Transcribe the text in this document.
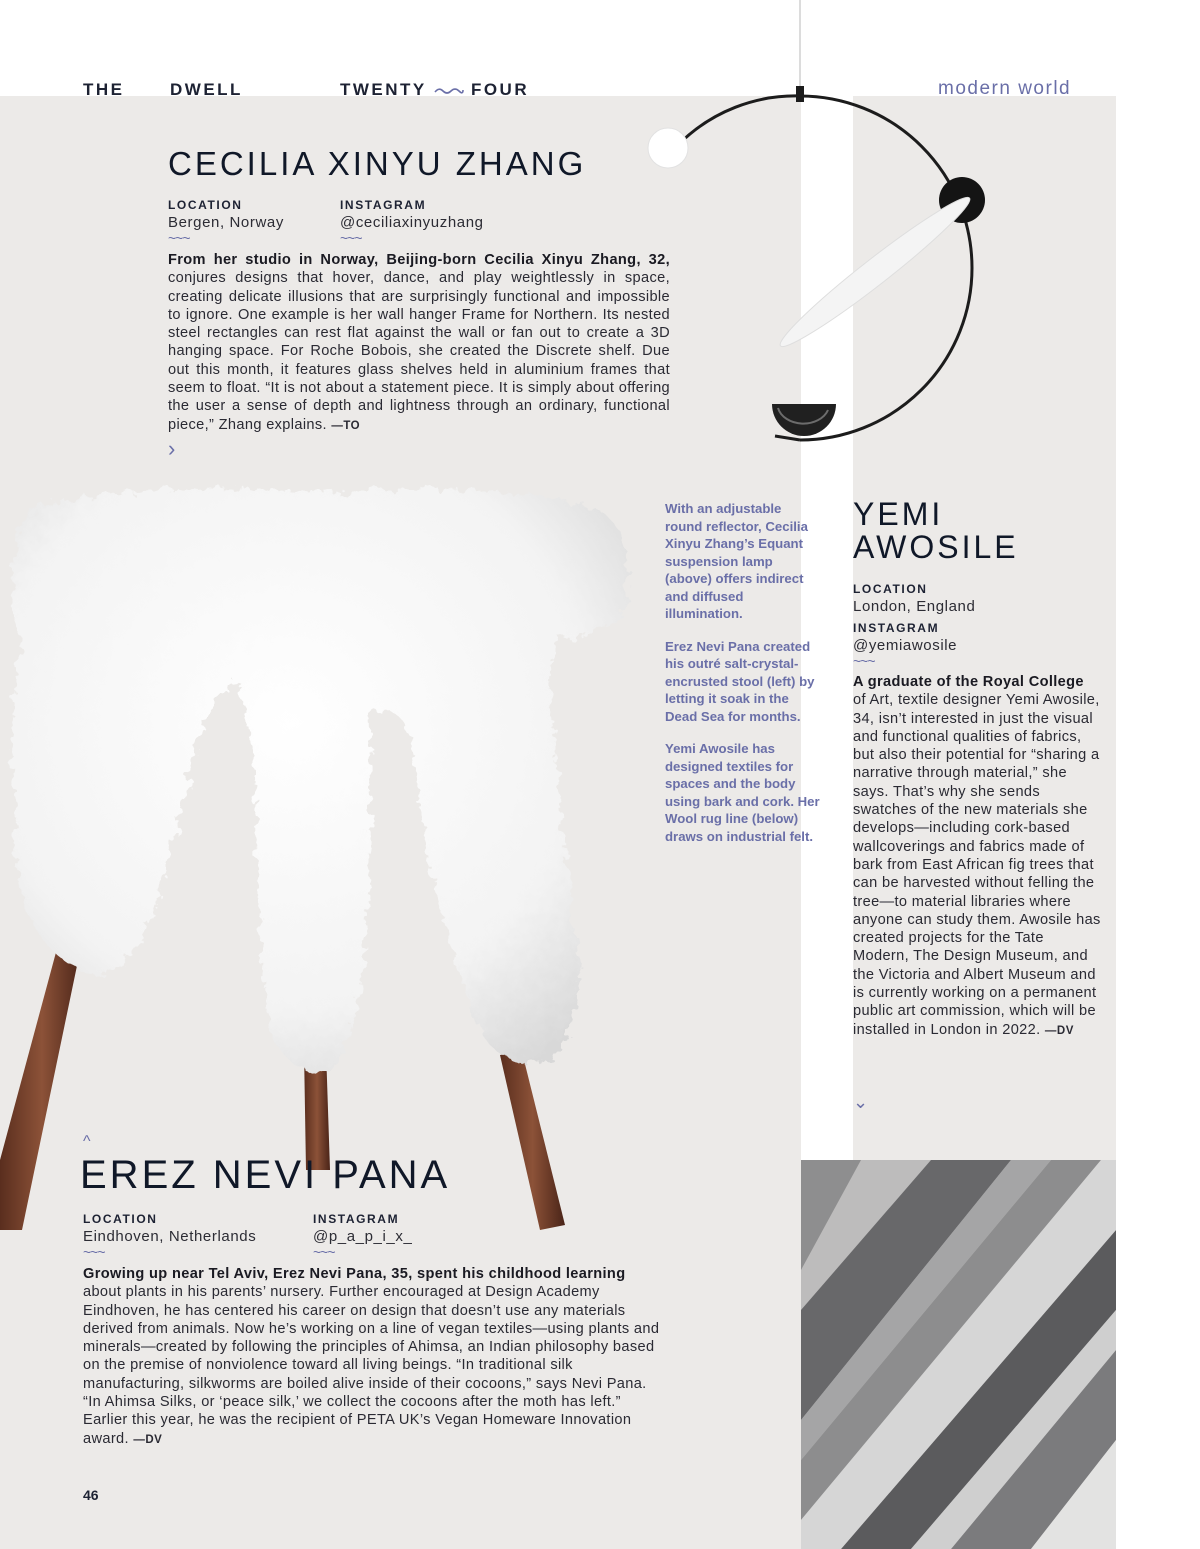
THE	DWELL	TWENTY	FOUR	modern world
CECILIA XINYU ZHANG
LOCATION
Bergen, Norway
~~~
INSTAGRAM
@ceciliaxinyuzhang
~~~
From her studio in Norway, Beijing-born Cecilia Xinyu Zhang, 32, conjures designs that hover, dance, and play weightlessly in space, creating delicate illusions that are surprisingly functional and impossible to ignore. One example is her wall hanger Frame for Northern. Its nested steel rectangles can rest flat against the wall or fan out to create a 3D hanging space. For Roche Bobois, she created the Discrete shelf. Due out this month, it features glass shelves held in aluminium frames that seem to float. “It is not about a statement piece. It is simply about offering the user a sense of depth and lightness through an ordinary, functional piece,” Zhang explains. —TO
›

With an adjustable round reflector, Cecilia Xinyu Zhang’s Equant suspension lamp (above) offers indirect and diffused illumination.

Erez Nevi Pana created his outré salt-crystal-encrusted stool (left) by letting it soak in the Dead Sea for months.

Yemi Awosile has designed textiles for spaces and the body using bark and cork. Her Wool rug line (below) draws on industrial felt.

YEMI
AWOSILE
LOCATION
London, England
INSTAGRAM
@yemiawosile
~~~
A graduate of the Royal College of Art, textile designer Yemi Awosile, 34, isn’t interested in just the visual and functional qualities of fabrics, but also their potential for “sharing a narrative through material,” she says. That’s why she sends swatches of the new materials she develops—including cork-based wallcoverings and fabrics made of bark from East African fig trees that can be harvested without felling the tree—to material libraries where anyone can study them. Awosile has created projects for the Tate Modern, The Design Museum, and the Victoria and Albert Museum and is currently working on a permanent public art commission, which will be installed in London in 2022. —DV
⌄
^
EREZ NEVI PANA
LOCATION
Eindhoven, Netherlands
~~~
INSTAGRAM
@p_a_p_i_x_
~~~
Growing up near Tel Aviv, Erez Nevi Pana, 35, spent his childhood learning about plants in his parents’ nursery. Further encouraged at Design Academy Eindhoven, he has centered his career on design that doesn’t use any materials derived from animals. Now he’s working on a line of vegan textiles—using plants and minerals—created by following the principles of Ahimsa, an Indian philosophy based on the premise of nonviolence toward all living beings. “In traditional silk manufacturing, silkworms are boiled alive inside of their cocoons,” says Nevi Pana. “In Ahimsa Silks, or ‘peace silk,’ we collect the cocoons after the moth has left.” Earlier this year, he was the recipient of PETA UK’s Vegan Homeware Innovation award. —DV
46
